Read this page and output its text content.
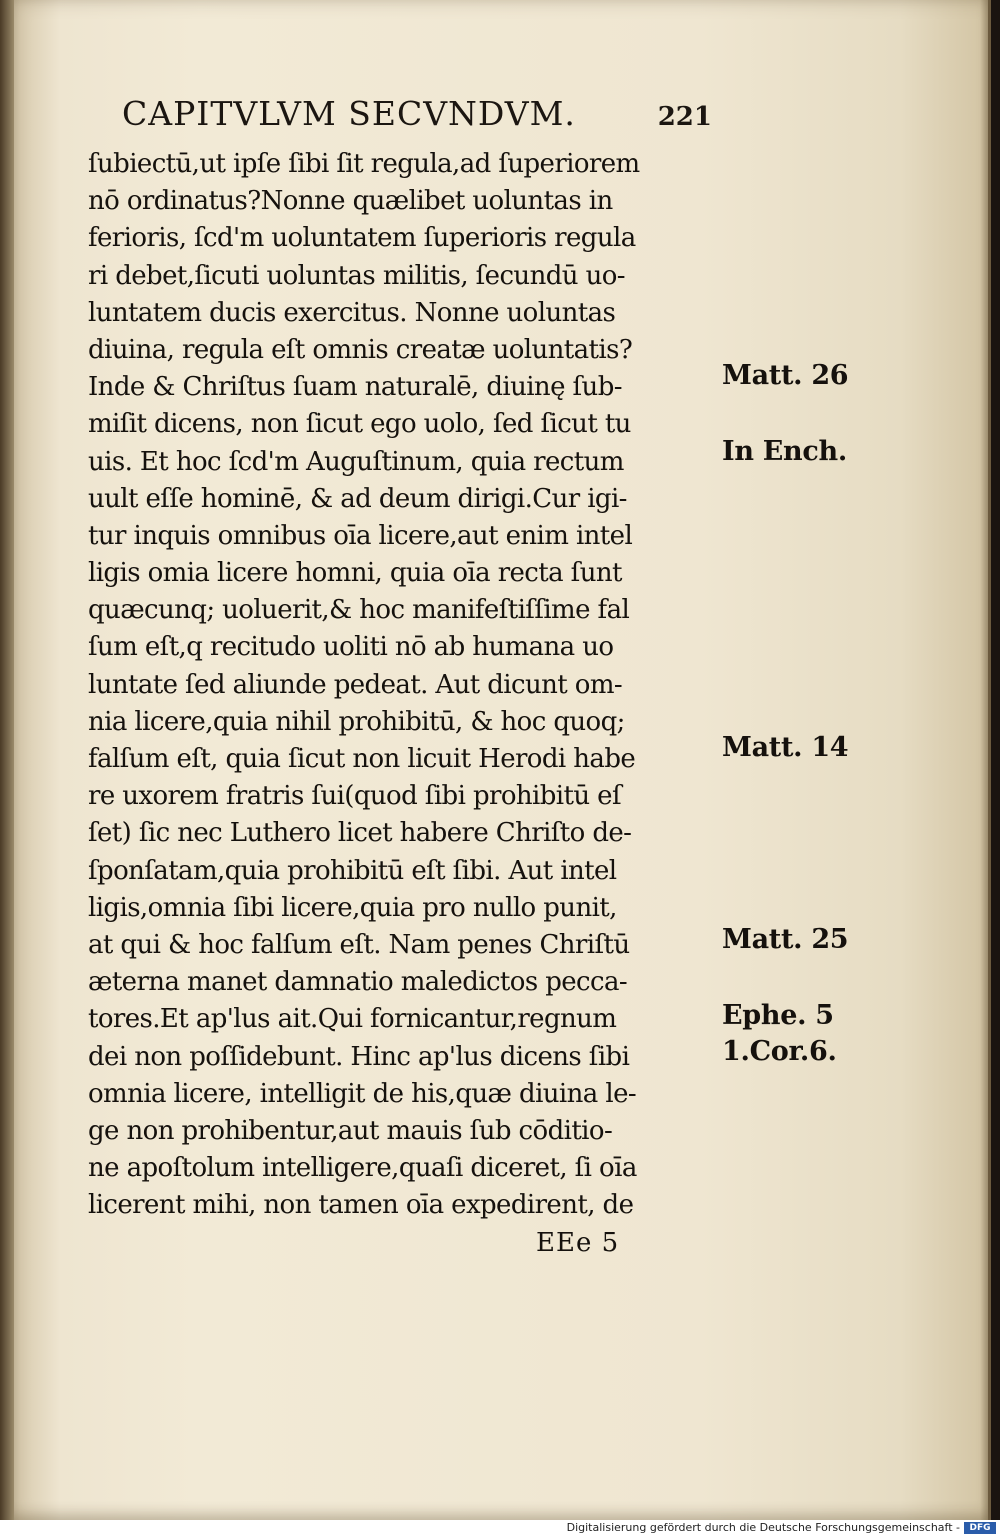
CAPITVLVM SECVNDVM.	221
ſubiectū,ut ipſe ſibi ſit regula,ad ſuperiorem
nō ordinatus?Nonne quælibet uoluntas in
ferioris, ſcd'm uoluntatem ſuperioris regula
ri debet,ſicuti uoluntas militis, ſecundū uo-
luntatem ducis exercitus. Nonne uoluntas
diuina, regula eſt omnis creatæ uoluntatis?
Inde & Chriſtus ſuam naturalē, diuinę ſub-
miſit dicens, non ſicut ego uolo, ſed ſicut tu
uis. Et hoc ſcd'm Auguſtinum, quia rectum
uult eſſe hominē, & ad deum dirigi.Cur igi-
tur inquis omnibus oīa licere,aut enim intel
ligis omia licere homni, quia oīa recta ſunt
quæcunq; uoluerit,& hoc manifeſtiſſime fal
ſum eſt,q recitudo uoliti nō ab humana uo
luntate ſed aliunde pedeat. Aut dicunt om-
nia licere,quia nihil prohibitū, & hoc quoq;
falſum eſt, quia ſicut non licuit Herodi habe
re uxorem fratris ſui(quod ſibi prohibitū eſ
ſet) ſic nec Luthero licet habere Chriſto de-
ſponſatam,quia prohibitū eſt ſibi. Aut intel
ligis,omnia ſibi licere,quia pro nullo punit,
at qui & hoc falſum eſt. Nam penes Chriſtū
æterna manet damnatio maledictos pecca-
tores.Et ap'lus ait.Qui fornicantur,regnum
dei non poſſidebunt. Hinc ap'lus dicens ſibi
omnia licere, intelligit de his,quæ diuina le-
ge non prohibentur,aut mauis ſub cōditio-
ne apoſtolum intelligere,quaſi diceret, ſi oīa
licerent mihi, non tamen oīa expedirent, de
Matt. 26
In Ench.
Matt. 14
Matt. 25
Ephe. 5
1.Cor.6.
EEe 5
Digitalisierung gefördert durch die Deutsche Forschungsgemeinschaft -	DFG
